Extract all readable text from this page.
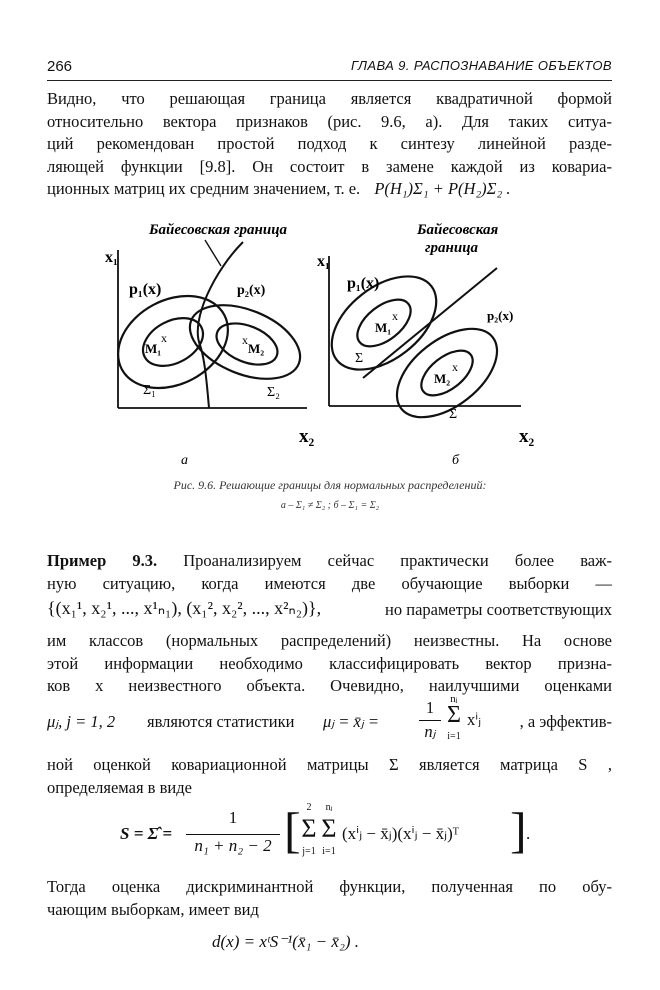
266	ГЛАВА 9. РАСПОЗНАВАНИЕ ОБЪЕКТОВ
Видно, что решающая граница является квадратичной формой
относительно вектора признаков (рис. 9.6, а). Для таких ситуа-
ций рекомендован простой подход к синтезу линейной разде-
ляющей функции [9.8]. Он состоит в замене каждой из ковариа-
ционных матриц их средним значением, т. е. P(H₁)Σ₁ + P(H₂)Σ₂ .
Байесовская граница
x₁
x₂
p₁(x)	p₂(x)
M₁
x
M₂
x
Σ₁	Σ₂
а
Байесовская
граница
x₁
x₂
p₁(x)
p₂(x)
M₁
x
M₂
x
Σ
Σ
б
Рис. 9.6. Решающие границы для нормальных распределений:
а – Σ₁ ≠ Σ₂ ; б – Σ₁ = Σ₂
Пример 9.3. Проанализируем сейчас практически более важ-
ную ситуацию, когда имеются две обучающие выборки —
{(x₁¹, x₂¹, ..., x¹ₙ₁), (x₁², x₂², ..., x²ₙ₂)},	но параметры соответствующих
им классов (нормальных распределений) неизвестны. На основе
этой информации необходимо классифицировать вектор призна-
ков x неизвестного объекта. Очевидно, наилучшими оценками
μⱼ, j = 1, 2 являются статистики μⱼ = x̄ⱼ =
1
nⱼ
nⱼ
Σ
i=1
xⁱⱼ , а эффектив-
ной оценкой ковариационной матрицы Σ является матрица S ,
определяемая в виде
S = Σ̂ =
1
n₁ + n₂ − 2 [ 2
Σ
j=1
nⱼ
Σ
i=1
(xⁱⱼ − x̄ⱼ)(xⁱⱼ − x̄ⱼ)ᵀ ] .
Тогда оценка дискриминантной функции, полученная по обу-
чающим выборкам, имеет вид
d(x) = xᵗS⁻¹(x̄₁ − x̄₂) .
